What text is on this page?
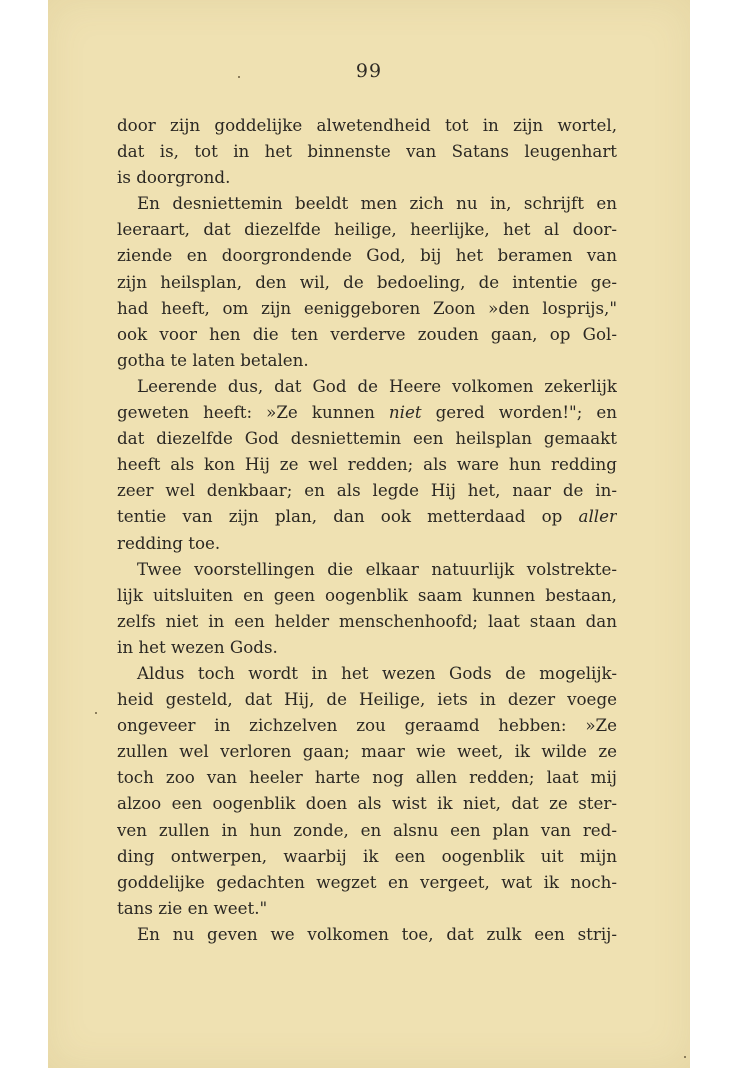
99
door zijn goddelijke alwetendheid tot in zijn wortel,
dat is, tot in het binnenste van Satans leugenhart
is doorgrond.
En desniettemin beeldt men zich nu in, schrijft en
leeraart, dat diezelfde heilige, heerlijke, het al door-
ziende en doorgrondende God, bij het beramen van
zijn heilsplan, den wil, de bedoeling, de intentie ge-
had heeft, om zijn eeniggeboren Zoon »den losprijs,"
ook voor hen die ten verderve zouden gaan, op Gol-
gotha te laten betalen.
Leerende dus, dat God de Heere volkomen zekerlijk
geweten heeft: »Ze kunnen niet gered worden!"; en
dat diezelfde God desniettemin een heilsplan gemaakt
heeft als kon Hij ze wel redden; als ware hun redding
zeer wel denkbaar; en als legde Hij het, naar de in-
tentie van zijn plan, dan ook metterdaad op aller
redding toe.
Twee voorstellingen die elkaar natuurlijk volstrekte-
lijk uitsluiten en geen oogenblik saam kunnen bestaan,
zelfs niet in een helder menschenhoofd; laat staan dan
in het wezen Gods.
Aldus toch wordt in het wezen Gods de mogelijk-
heid gesteld, dat Hij, de Heilige, iets in dezer voege
ongeveer in zichzelven zou geraamd hebben: »Ze
zullen wel verloren gaan; maar wie weet, ik wilde ze
toch zoo van heeler harte nog allen redden; laat mij
alzoo een oogenblik doen als wist ik niet, dat ze ster-
ven zullen in hun zonde, en alsnu een plan van red-
ding ontwerpen, waarbij ik een oogenblik uit mijn
goddelijke gedachten wegzet en vergeet, wat ik noch-
tans zie en weet."
En nu geven we volkomen toe, dat zulk een strij-
